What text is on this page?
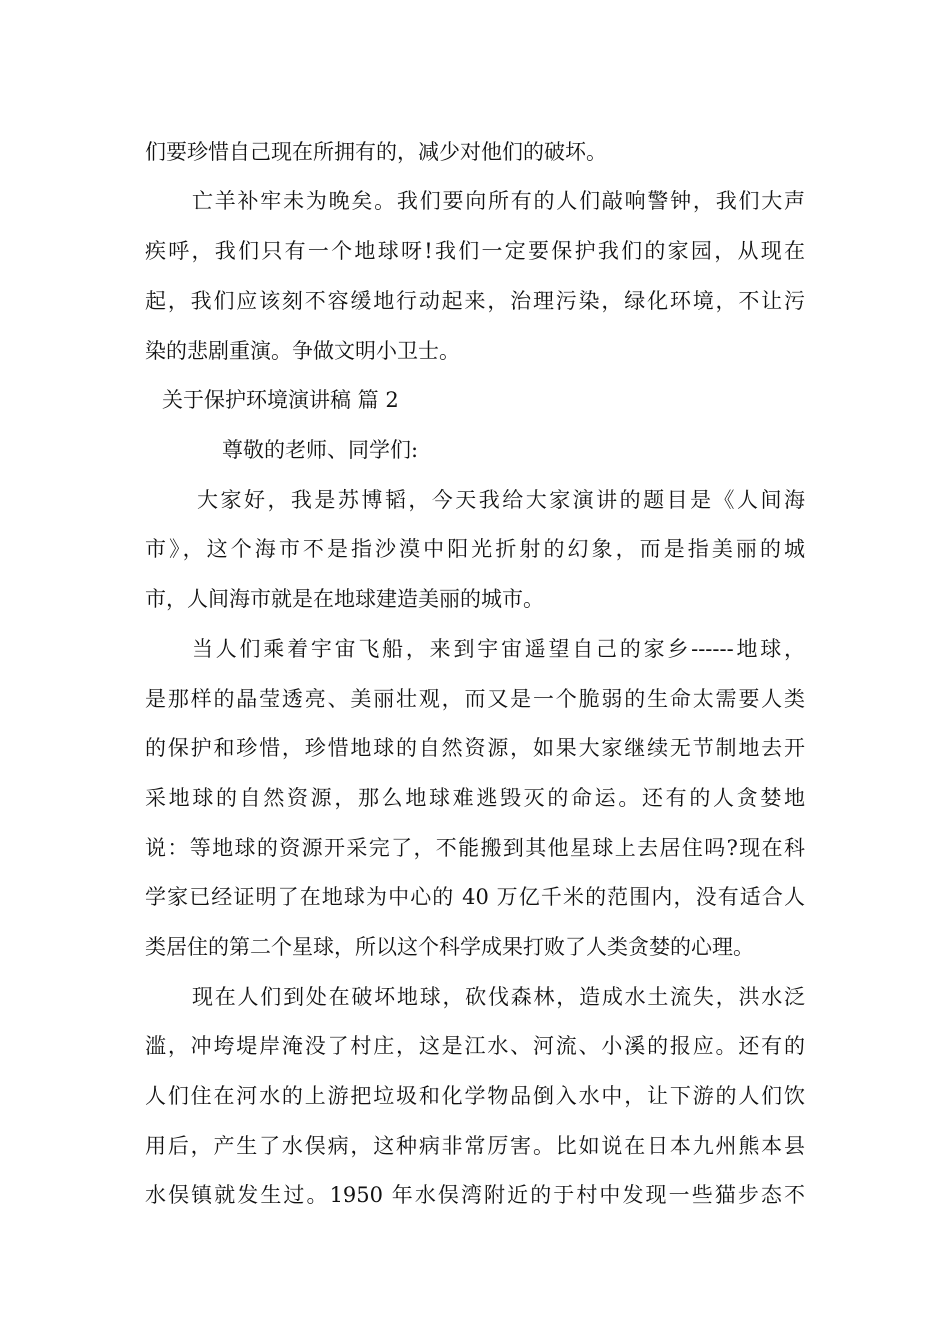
们要珍惜自己现在所拥有的，减少对他们的破坏。
亡羊补牢未为晚矣。我们要向所有的人们敲响警钟，我们大声
疾呼，我们只有一个地球呀!我们一定要保护我们的家园，从现在
起，我们应该刻不容缓地行动起来，治理污染，绿化环境，不让污
染的悲剧重演。争做文明小卫士。
关于保护环境演讲稿 篇 2
尊敬的老师、同学们:
大家好，我是苏博韬，今天我给大家演讲的题目是《人间海
市》，这个海市不是指沙漠中阳光折射的幻象，而是指美丽的城
市，人间海市就是在地球建造美丽的城市。
当人们乘着宇宙飞船，来到宇宙遥望自己的家乡------地球，
是那样的晶莹透亮、美丽壮观，而又是一个脆弱的生命太需要人类
的保护和珍惜，珍惜地球的自然资源，如果大家继续无节制地去开
采地球的自然资源，那么地球难逃毁灭的命运。还有的人贪婪地
说：等地球的资源开采完了，不能搬到其他星球上去居住吗?现在科
学家已经证明了在地球为中心的 40 万亿千米的范围内，没有适合人
类居住的第二个星球，所以这个科学成果打败了人类贪婪的心理。
现在人们到处在破坏地球，砍伐森林，造成水土流失，洪水泛
滥，冲垮堤岸淹没了村庄，这是江水、河流、小溪的报应。还有的
人们住在河水的上游把垃圾和化学物品倒入水中，让下游的人们饮
用后，产生了水俣病，这种病非常厉害。比如说在日本九州熊本县
水俣镇就发生过。1950 年水俣湾附近的于村中发现一些猫步态不
